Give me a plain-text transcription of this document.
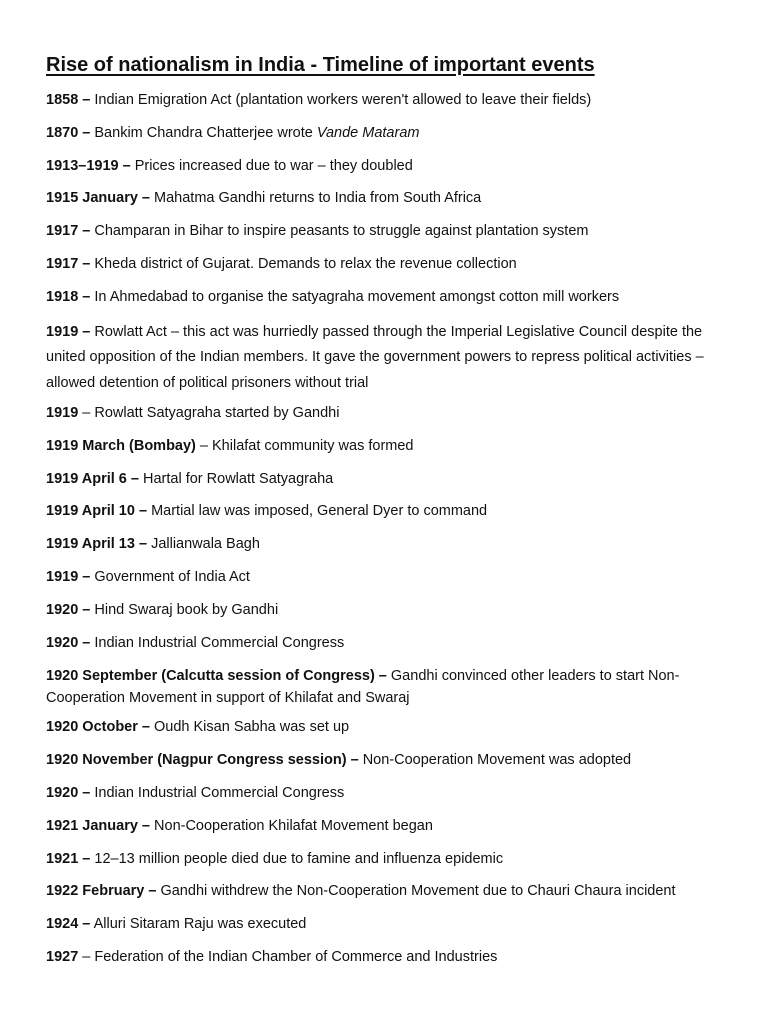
Rise of nationalism in India - Timeline of important events
1858 – Indian Emigration Act (plantation workers weren't allowed to leave their fields)
1870 – Bankim Chandra Chatterjee wrote Vande Mataram
1913–1919 – Prices increased due to war – they doubled
1915 January – Mahatma Gandhi returns to India from South Africa
1917 – Champaran in Bihar to inspire peasants to struggle against plantation system
1917 – Kheda district of Gujarat. Demands to relax the revenue collection
1918 – In Ahmedabad to organise the satyagraha movement amongst cotton mill workers
1919 – Rowlatt Act – this act was hurriedly passed through the Imperial Legislative Council despite the united opposition of the Indian members. It gave the government powers to repress political activities – allowed detention of political prisoners without trial
1919 – Rowlatt Satyagraha started by Gandhi
1919 March (Bombay) – Khilafat community was formed
1919 April 6 – Hartal for Rowlatt Satyagraha
1919 April 10 – Martial law was imposed, General Dyer to command
1919 April 13 – Jallianwala Bagh
1919 – Government of India Act
1920 – Hind Swaraj book by Gandhi
1920 – Indian Industrial Commercial Congress
1920 September (Calcutta session of Congress) – Gandhi convinced other leaders to start Non-Cooperation Movement in support of Khilafat and Swaraj
1920 October – Oudh Kisan Sabha was set up
1920 November (Nagpur Congress session) – Non-Cooperation Movement was adopted
1920 – Indian Industrial Commercial Congress
1921 January – Non-Cooperation Khilafat Movement began
1921 – 12–13 million people died due to famine and influenza epidemic
1922 February – Gandhi withdrew the Non-Cooperation Movement due to Chauri Chaura incident
1924 – Alluri Sitaram Raju was executed
1927 – Federation of the Indian Chamber of Commerce and Industries
